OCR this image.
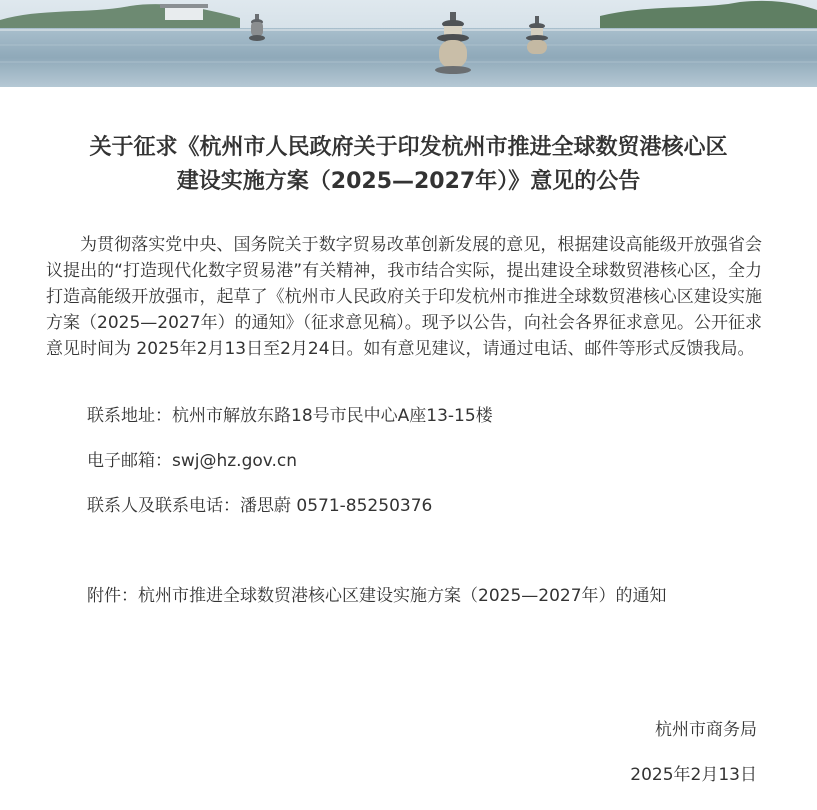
关于征求《杭州市人民政府关于印发杭州市推进全球数贸港核心区
建设实施方案（2025—2027年）》意见的公告

为贯彻落实党中央、国务院关于数字贸易改革创新发展的意见，根据建设高能级开放强省会议提出的“打造现代化数字贸易港”有关精神，我市结合实际，提出建设全球数贸港核心区，全力打造高能级开放强市，起草了《杭州市人民政府关于印发杭州市推进全球数贸港核心区建设实施方案（2025—2027年）的通知》（征求意见稿）。现予以公告，向社会各界征求意见。公开征求意见时间为 2025年2月13日至2月24日。如有意见建议，请通过电话、邮件等形式反馈我局。

联系地址：杭州市解放东路18号市民中心A座13-15楼

电子邮箱：swj@hz.gov.cn

联系人及联系电话：潘思蔚 0571-85250376

附件：杭州市推进全球数贸港核心区建设实施方案（2025—2027年）的通知

杭州市商务局

2025年2月13日
